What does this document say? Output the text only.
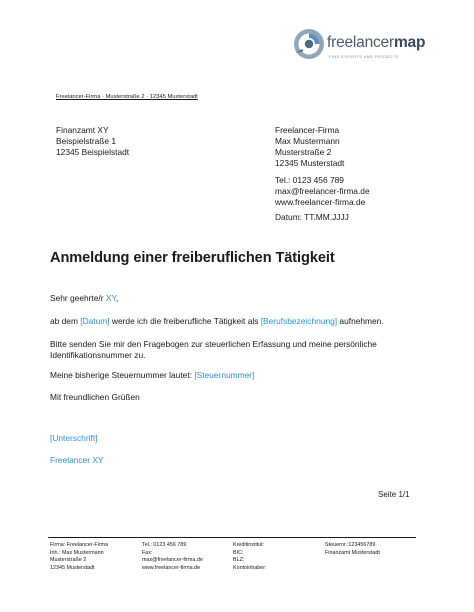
freelancermap
FIND EXPERTS AND PROJECTS
Freelancer-Firma · Musterstraße 2 · 12345 Musterstadt
Finanzamt XY
Beispielstraße 1
12345 Beispielstadt
Freelancer-Firma
Max Mustermann
Musterstraße 2
12345 Musterstadt
Tel.: 0123 456 789
max@freelancer-firma.de
www.freelancer-firma.de
Datum: TT.MM.JJJJ
Anmeldung einer freiberuflichen Tätigkeit
Sehr geehrte/r XY,
ab dem [Datum] werde ich die freiberufliche Tätigkeit als [Berufsbezeichnung] aufnehmen.
Bitte senden Sie mir den Fragebogen zur steuerlichen Erfassung und meine persönliche
Identifikationsnummer zu.
Meine bisherige Steuernummer lautet: [Steuernummer]
Mit freundlichen Grüßen
[Unterschrift]
Freelancer XY
Seite 1/1
Firma: Freelancer-Firma
Inh.: Max Mustermann
Musterstraße 2
12345 Musterstadt
Tel.: 0123 456 789
Fax:
max@freelancer-firma.de
www.freelancer-firma.de
Kreditinstitut:
BIC:
BLZ:
Kontoinhaber:
Steuernr.:123456789
Finanzamt Musterstadt
